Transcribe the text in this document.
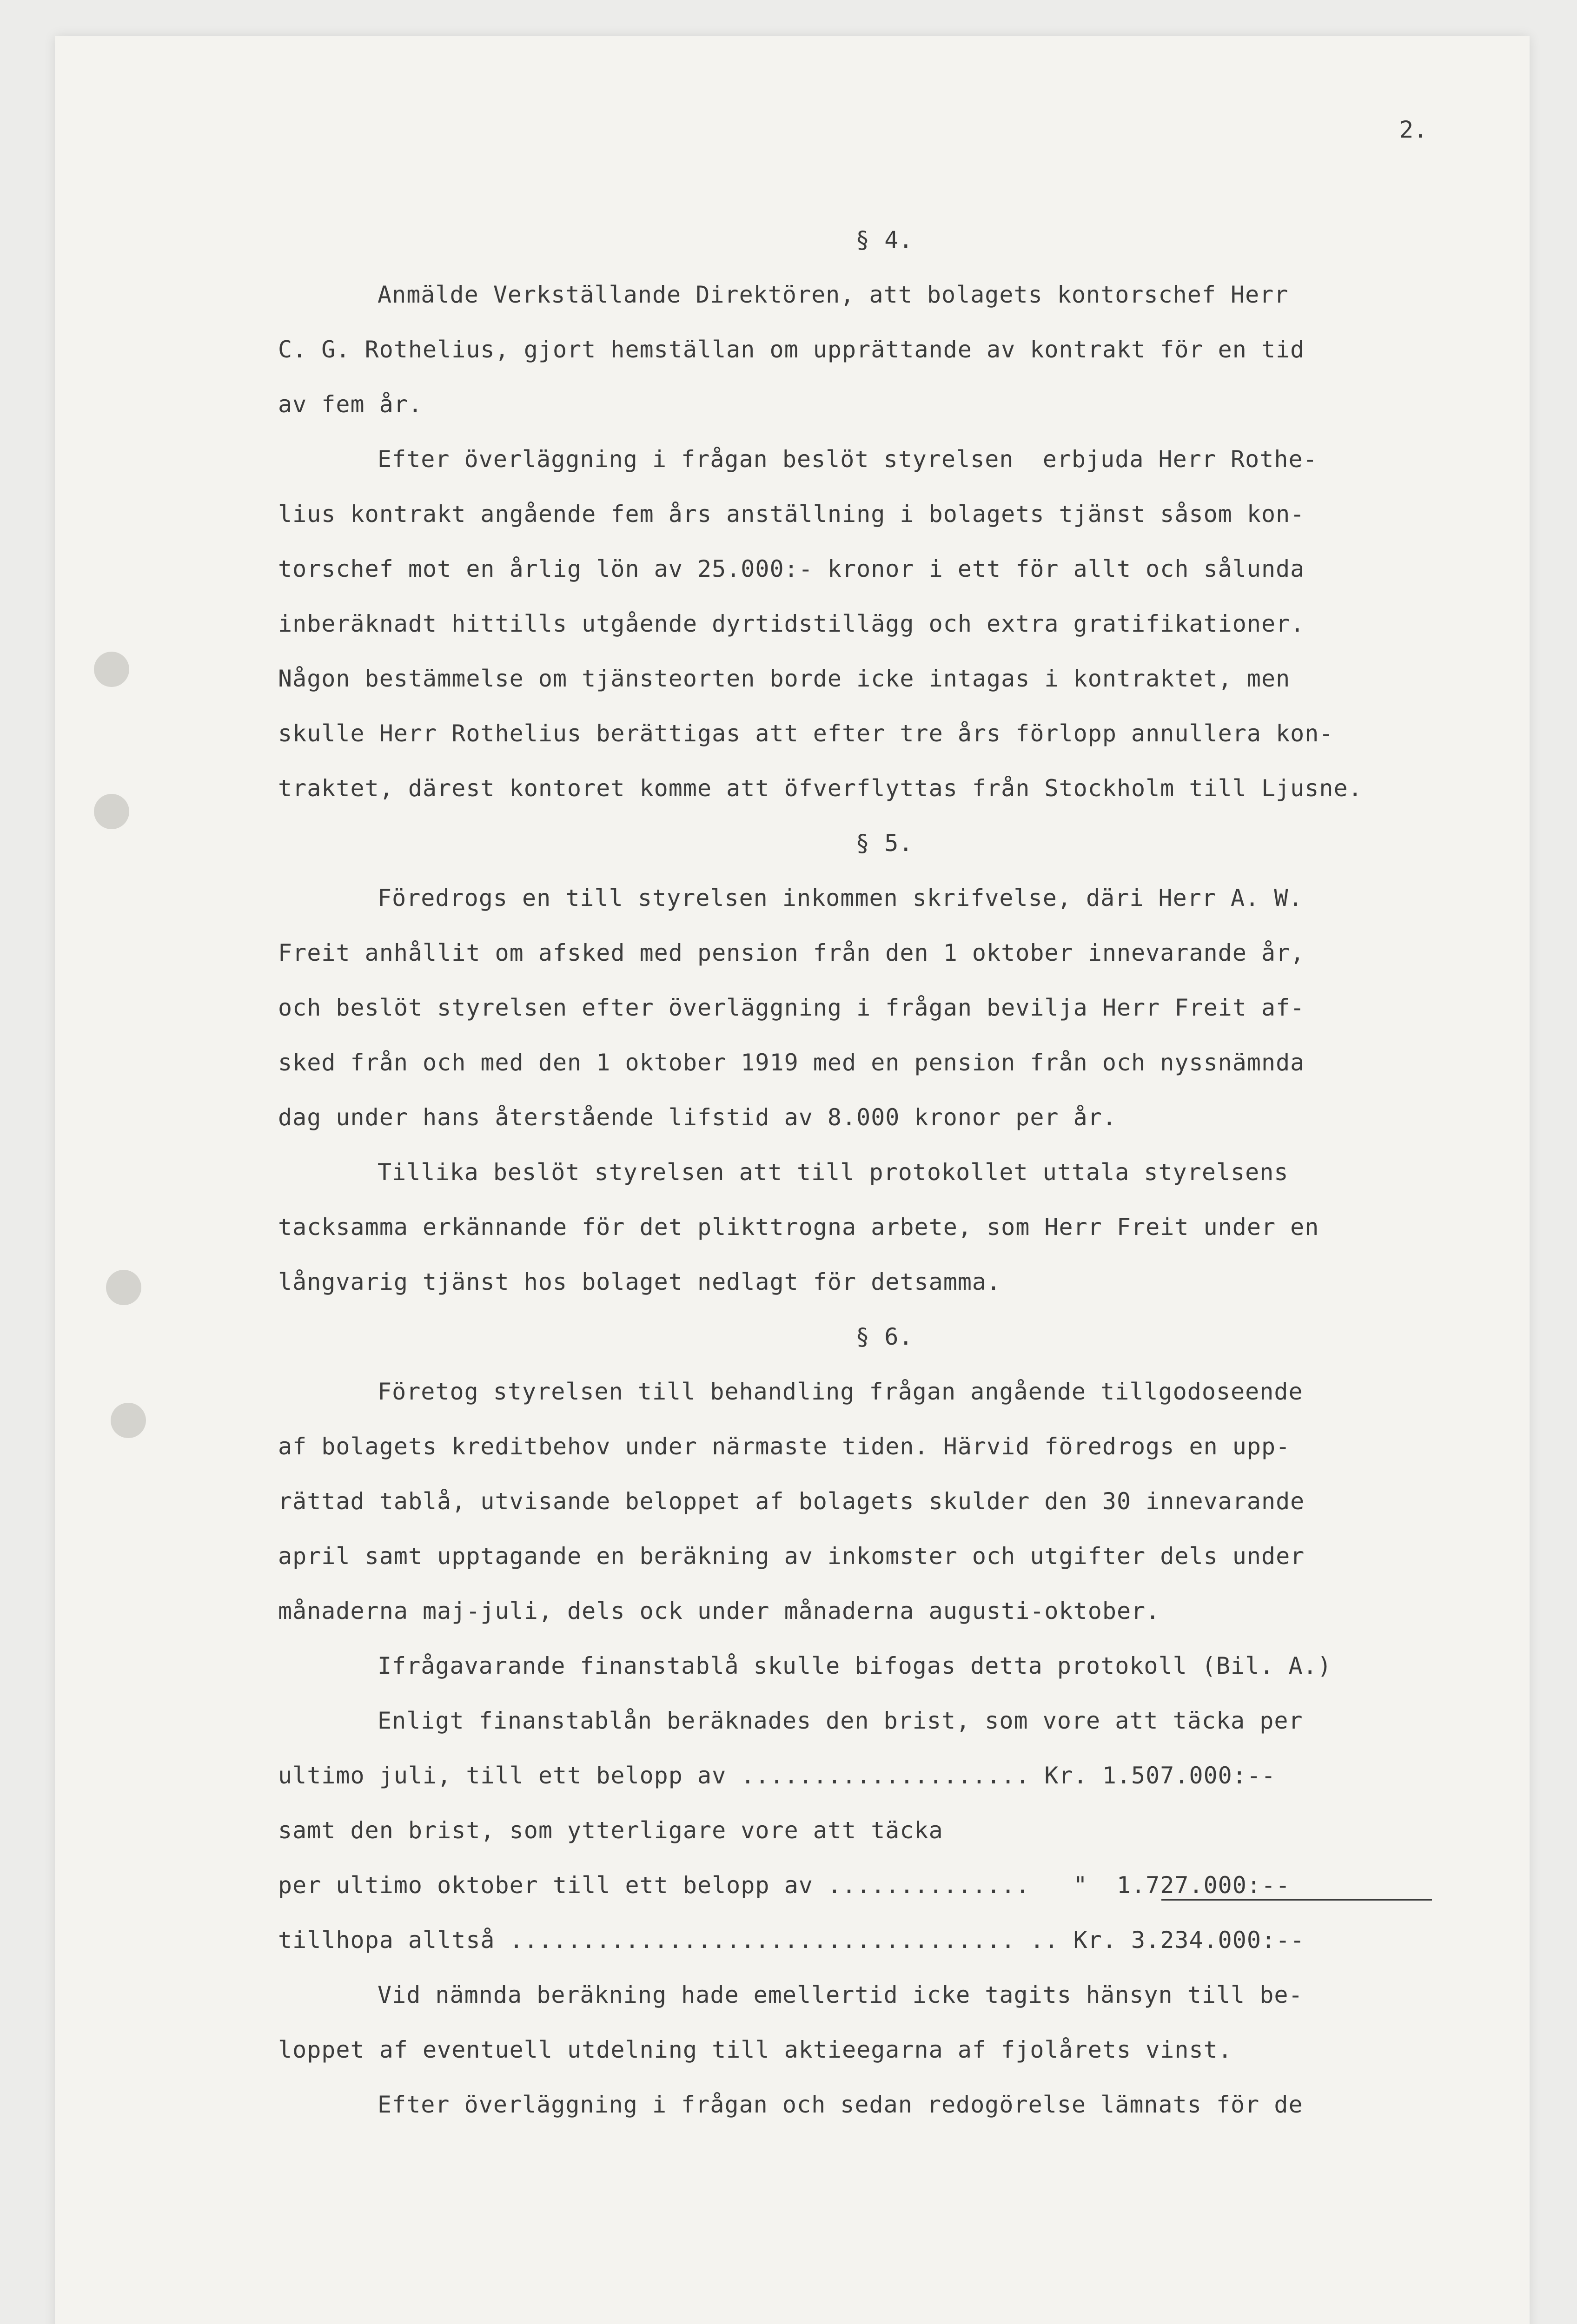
2.

§ 4.

Anmälde Verkställande Direktören, att bolagets kontorschef Herr

C. G. Rothelius, gjort hemställan om upprättande av kontrakt för en tid

av fem år.

Efter överläggning i frågan beslöt styrelsen  erbjuda Herr Rothe-

lius kontrakt angående fem års anställning i bolagets tjänst såsom kon-

torschef mot en årlig lön av 25.000:- kronor i ett för allt och sålunda

inberäknadt hittills utgående dyrtidstillägg och extra gratifikationer.

Någon bestämmelse om tjänsteorten borde icke intagas i kontraktet, men

skulle Herr Rothelius berättigas att efter tre års förlopp annullera kon-

traktet, därest kontoret komme att öfverflyttas från Stockholm till Ljusne.

§ 5.

Föredrogs en till styrelsen inkommen skrifvelse, däri Herr A. W.

Freit anhållit om afsked med pension från den 1 oktober innevarande år,

och beslöt styrelsen efter överläggning i frågan bevilja Herr Freit af-

sked från och med den 1 oktober 1919 med en pension från och nyssnämnda

dag under hans återstående lifstid av 8.000 kronor per år.

Tillika beslöt styrelsen att till protokollet uttala styrelsens

tacksamma erkännande för det plikttrogna arbete, som Herr Freit under en

långvarig tjänst hos bolaget nedlagt för detsamma.

§ 6.

Företog styrelsen till behandling frågan angående tillgodoseende

af bolagets kreditbehov under närmaste tiden. Härvid föredrogs en upp-

rättad tablå, utvisande beloppet af bolagets skulder den 30 innevarande

april samt upptagande en beräkning av inkomster och utgifter dels under

månaderna maj-juli, dels ock under månaderna augusti-oktober.

Ifrågavarande finanstablå skulle bifogas detta protokoll (Bil. A.)

Enligt finanstablån beräknades den brist, som vore att täcka per

ultimo juli, till ett belopp av .................... Kr. 1.507.000:--

samt den brist, som ytterligare vore att täcka

per ultimo oktober till ett belopp av ..............   "  1.727.000:--

tillhopa alltså ................................... .. Kr. 3.234.000:--

Vid nämnda beräkning hade emellertid icke tagits hänsyn till be-

loppet af eventuell utdelning till aktieegarna af fjolårets vinst.

Efter överläggning i frågan och sedan redogörelse lämnats för de
